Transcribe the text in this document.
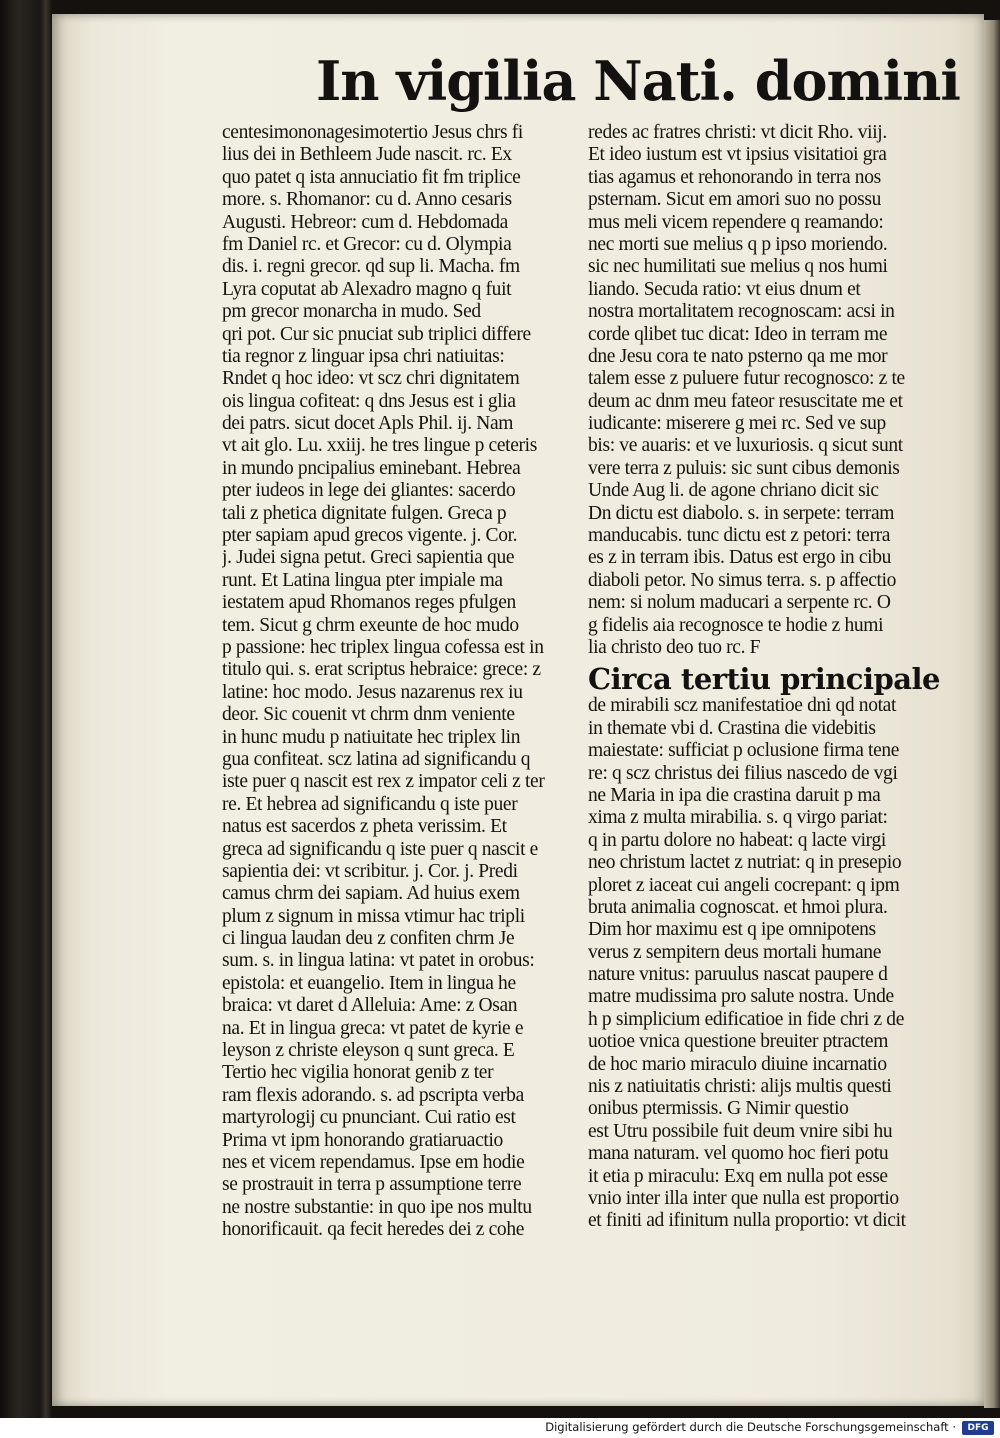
In vigilia Nati. domini
centesimononagesimotertio Jesus chrs fi
lius dei in Bethleem Jude nascit. rc. Ex
quo patet q ista annuciatio fit fm triplice
more. s. Rhomanor: cu d. Anno cesaris
Augusti. Hebreor: cum d. Hebdomada
fm Daniel rc. et Grecor: cu d. Olympia
dis. i. regni grecor. qd sup li. Macha. fm
Lyra coputat ab Alexadro magno q fuit
pm grecor monarcha in mudo. Sed
qri pot. Cur sic pnuciat sub triplici differe
tia regnor z linguar ipsa chri natiuitas:
Rndet q hoc ideo: vt scz chri dignitatem
ois lingua cofiteat: q dns Jesus est i glia
dei patrs. sicut docet Apls Phil. ij. Nam
vt ait glo. Lu. xxiij. he tres lingue p ceteris
in mundo pncipalius eminebant. Hebrea
pter iudeos in lege dei gliantes: sacerdo
tali z phetica dignitate fulgen. Greca p
pter sapiam apud grecos vigente. j. Cor.
j. Judei signa petut. Greci sapientia que
runt. Et Latina lingua pter impiale ma
iestatem apud Rhomanos reges pfulgen
tem. Sicut g chrm exeunte de hoc mudo
p passione: hec triplex lingua cofessa est in
titulo qui. s. erat scriptus hebraice: grece: z
latine: hoc modo. Jesus nazarenus rex iu
deor. Sic couenit vt chrm dnm veniente
in hunc mudu p natiuitate hec triplex lin
gua confiteat. scz latina ad significandu q
iste puer q nascit est rex z impator celi z ter
re. Et hebrea ad significandu q iste puer
natus est sacerdos z pheta verissim. Et
greca ad significandu q iste puer q nascit e
sapientia dei: vt scribitur. j. Cor. j. Predi
camus chrm dei sapiam. Ad huius exem
plum z signum in missa vtimur hac tripli
ci lingua laudan deu z confiten chrm Je
sum. s. in lingua latina: vt patet in orobus:
epistola: et euangelio. Item in lingua he
braica: vt daret d Alleluia: Ame: z Osan
na. Et in lingua greca: vt patet de kyrie e
leyson z christe eleyson q sunt greca. E
Tertio hec vigilia honorat genib z ter
ram flexis adorando. s. ad pscripta verba
martyrologij cu pnunciant. Cui ratio est
Prima vt ipm honorando gratiaruactio
nes et vicem rependamus. Ipse em hodie
se prostrauit in terra p assumptione terre
ne nostre substantie: in quo ipe nos multu
honorificauit. qa fecit heredes dei z cohe
redes ac fratres christi: vt dicit Rho. viij.
Et ideo iustum est vt ipsius visitatioi gra
tias agamus et rehonorando in terra nos
psternam. Sicut em amori suo no possu
mus meli vicem rependere q reamando:
nec morti sue melius q p ipso moriendo.
sic nec humilitati sue melius q nos humi
liando. Secuda ratio: vt eius dnum et
nostra mortalitatem recognoscam: acsi in
corde qlibet tuc dicat: Ideo in terram me
dne Jesu cora te nato psterno qa me mor
talem esse z puluere futur recognosco: z te
deum ac dnm meu fateor resuscitate me et
iudicante: miserere g mei rc. Sed ve sup
bis: ve auaris: et ve luxuriosis. q sicut sunt
vere terra z puluis: sic sunt cibus demonis
Unde Aug li. de agone chriano dicit sic
Dn dictu est diabolo. s. in serpete: terram
manducabis. tunc dictu est z petori: terra
es z in terram ibis. Datus est ergo in cibu
diaboli petor. No simus terra. s. p affectio
nem: si nolum maducari a serpente rc. O
g fidelis aia recognosce te hodie z humi
lia christo deo tuo rc. F
Circa tertiu principale
de mirabili scz manifestatioe dni qd notat
in themate vbi d. Crastina die videbitis
maiestate: sufficiat p oclusione firma tene
re: q scz christus dei filius nascedo de vgi
ne Maria in ipa die crastina daruit p ma
xima z multa mirabilia. s. q virgo pariat:
q in partu dolore no habeat: q lacte virgi
neo christum lactet z nutriat: q in presepio
ploret z iaceat cui angeli cocrepant: q ipm
bruta animalia cognoscat. et hmoi plura.
Dim hor maximu est q ipe omnipotens
verus z sempitern deus mortali humane
nature vnitus: paruulus nascat paupere d
matre mudissima pro salute nostra. Unde
h p simplicium edificatioe in fide chri z de
uotioe vnica questione breuiter ptractem
de hoc mario miraculo diuine incarnatio
nis z natiuitatis christi: alijs multis questi
onibus ptermissis. G Nimir questio
est Utru possibile fuit deum vnire sibi hu
mana naturam. vel quomo hoc fieri potu
it etia p miraculu: Exq em nulla pot esse
vnio inter illa inter que nulla est proportio
et finiti ad ifinitum nulla proportio: vt dicit
Digitalisierung gefördert durch die Deutsche Forschungsgemeinschaft ·	DFG
